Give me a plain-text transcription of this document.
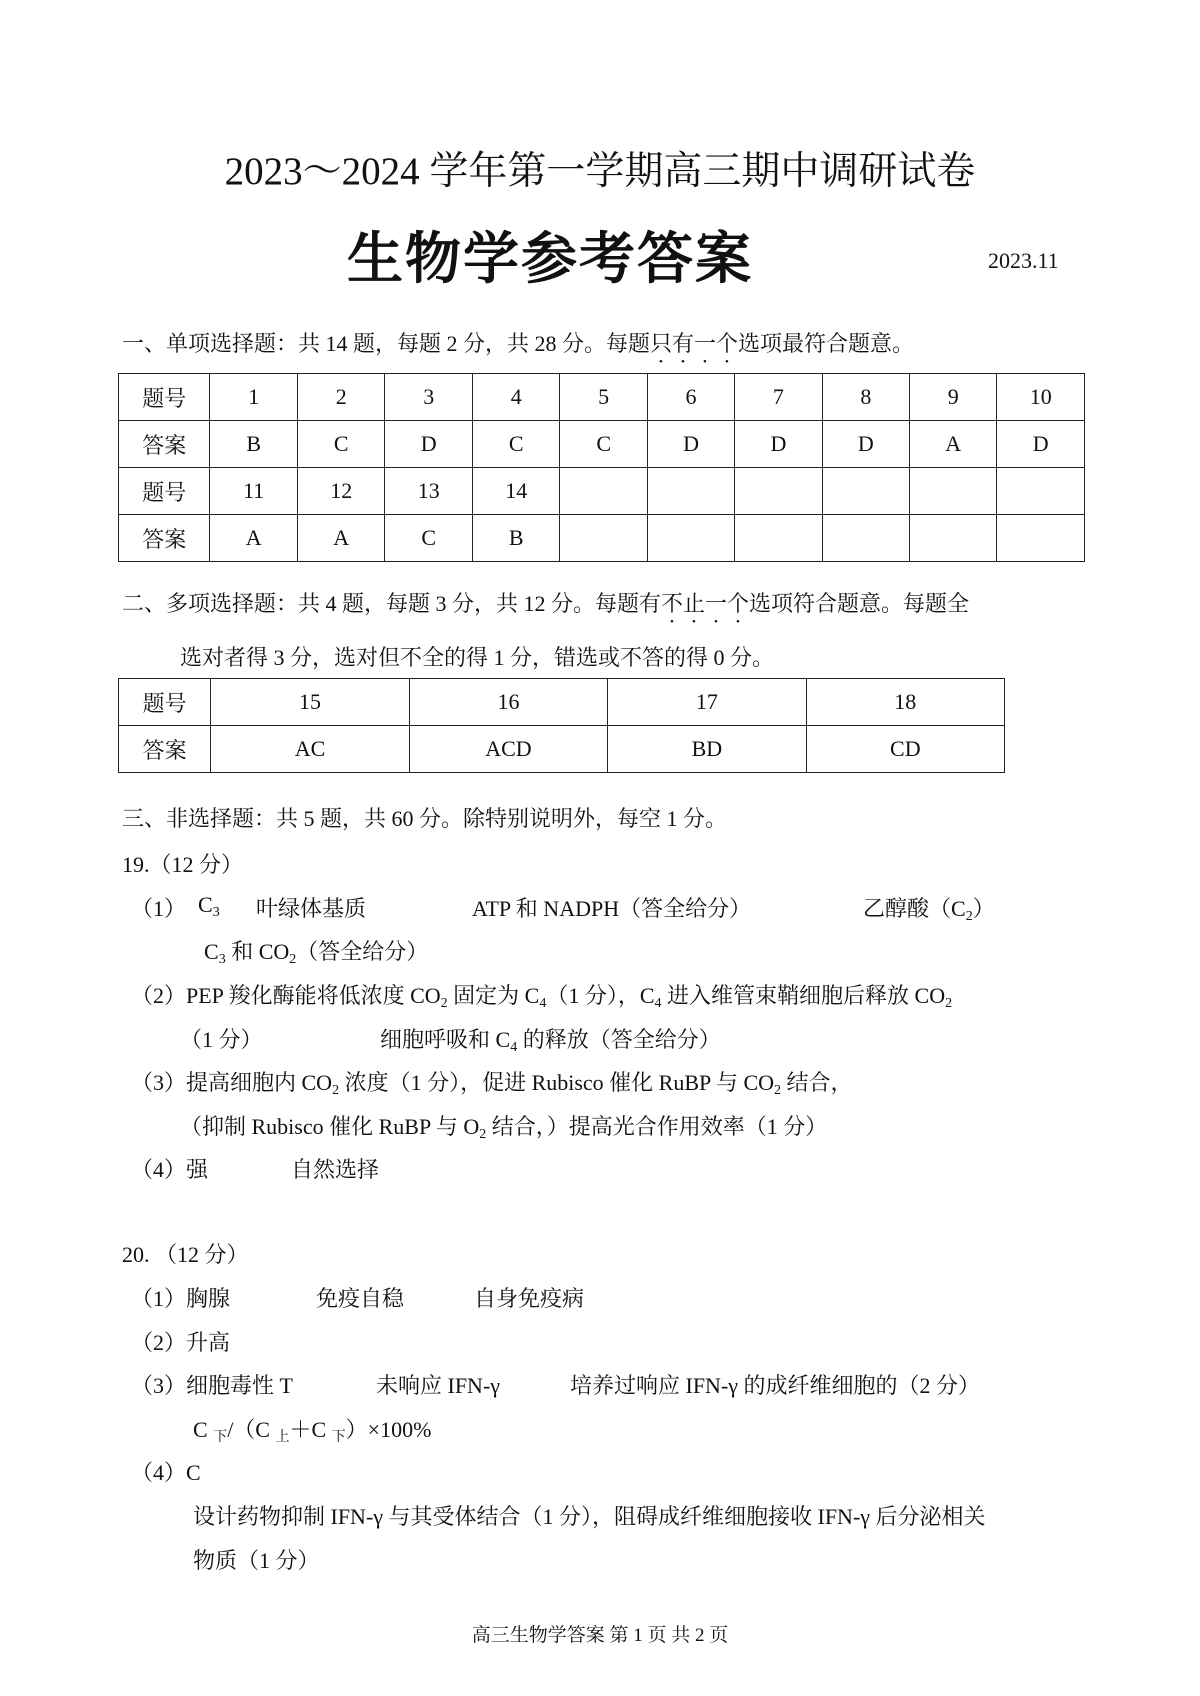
2023～2024 学年第一学期高三期中调研试卷
生物学参考答案	2023.11
一、单项选择题：共 14 题，每题 2 分，共 28 分。每题只有一个选项最符合题意。
题号	1	2	3	4	5	6	7	8	9	10
答案	B	C	D	C	C	D	D	D	A	D
题号	11	12	13	14						
答案	A	A	C	B						
二、多项选择题：共 4 题，每题 3 分，共 12 分。每题有不止一个选项符合题意。每题全
选对者得 3 分，选对但不全的得 1 分，错选或不答的得 0 分。
题号	15	16	17	18
答案	AC	ACD	BD	CD
三、非选择题：共 5 题，共 60 分。除特别说明外，每空 1 分。
19.（12 分）
（1） $C_3$ 叶绿体基质	ATP 和 NADPH（答全给分）	乙醇酸$(C_2)$
$C_3$ 和 $CO_2$（答全给分）
（2）PEP 羧化酶能将低浓度 $CO_2$ 固定为 $C_4(1$ 分），$C_4$ 进入维管束鞘细胞后释放 $CO_2$
（1 分）	细胞呼吸和 $C_4$ 的释放（答全给分）
（3）提高细胞内 $CO_2$ 浓度（1 分），促进 Rubisco 催化 RuBP 与 $CO_2$ 结合，
（抑制 Rubisco 催化 RuBP 与 $O_2$ 结合，）提高光合作用效率（1 分）
（4）强	自然选择
20. （12 分）
（1）胸腺	免疫自稳	自身免疫病
（2）升高
（3）细胞毒性 T	未响应 IFN-γ	培养过响应 IFN-γ 的成纤维细胞的（2 分）
C $_下$/（C $_上$＋C $_下$）×100%
（4）C
设计药物抑制 IFN-γ 与其受体结合（1 分），阻碍成纤维细胞接收 IFN-γ 后分泌相关
物质（1 分）
高三生物学答案 第 1 页 共 2 页
